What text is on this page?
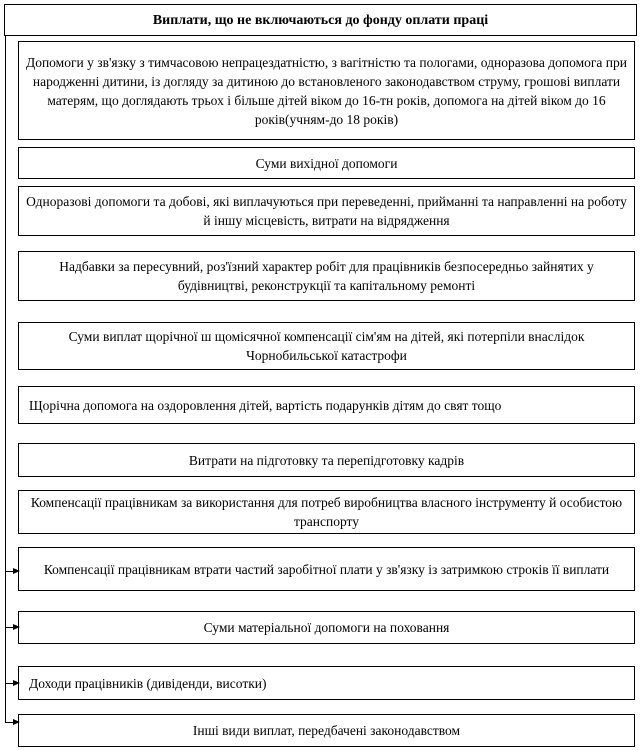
Виплати, що не включаються до фонду оплати праці
Допомоги у зв'язку з тимчасовою непрацездатністю, з вагітністю та пологами, одноразова допомога при народженні дитини, із догляду за дитиною до встановленого законодавством струму, грошові виплати матерям, що доглядають трьох і більше дітей віком до 16-тн років, допомога на дітей віком до 16 років(учням-до 18 років)
Суми вихідної допомоги
Одноразові допомоги та добові, які виплачуються при переведенні, прийманні та направленні на роботу й іншу місцевість, витрати на відрядження
Надбавки за пересувний, роз'їзний характер робіт для працівників безпосередньо зайнятих у будівництві, реконструкції та капітальному ремонті
Суми виплат щорічної ш щомісячної компенсації сім'ям на дітей, які потерпіли внаслідок Чорнобильської катастрофи
Щорічна допомога на оздоровлення дітей, вартість подарунків дітям до свят тощо
Витрати на підготовку та перепідготовку кадрів
Компенсації працівникам за використання для потреб виробництва власного інструменту й особистою транспорту
Компенсації працівникам втрати частий заробітної плати у зв'язку із затримкою строків її виплати
Суми матеріальної допомоги на поховання
Доходи працівників (дивіденди, висотки)
Інші види виплат, передбачені законодавством
